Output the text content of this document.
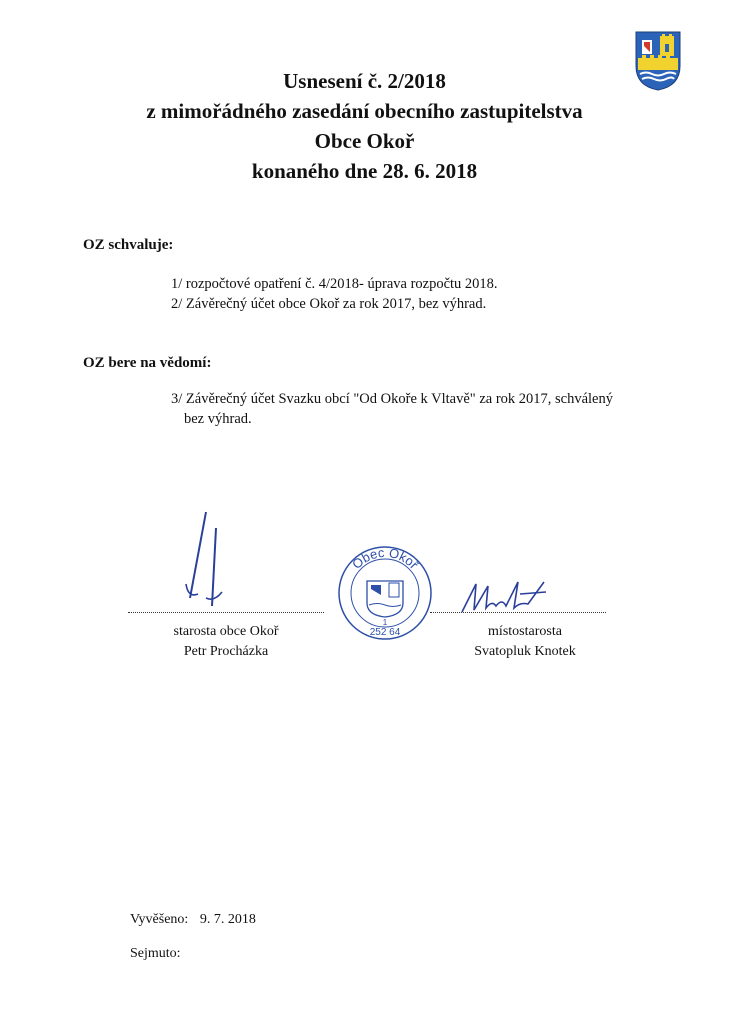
Usnesení č. 2/2018
z mimořádného zasedání obecního zastupitelstva
Obce Okoř
konaného dne 28. 6. 2018
OZ schvaluje:
1/ rozpočtové opatření č. 4/2018- úprava rozpočtu 2018.
2/ Závěrečný účet obce Okoř za rok 2017, bez výhrad.
OZ bere na vědomí:
3/ Závěrečný účet Svazku obcí "Od Okoře k Vltavě" za rok 2017, schválený
bez výhrad.
starosta obce Okoř
Petr Procházka
Obec Okoř
1
252 64	místostarosta
Svatopluk Knotek
Vyvěšeno: 9. 7. 2018
Sejmuto:
